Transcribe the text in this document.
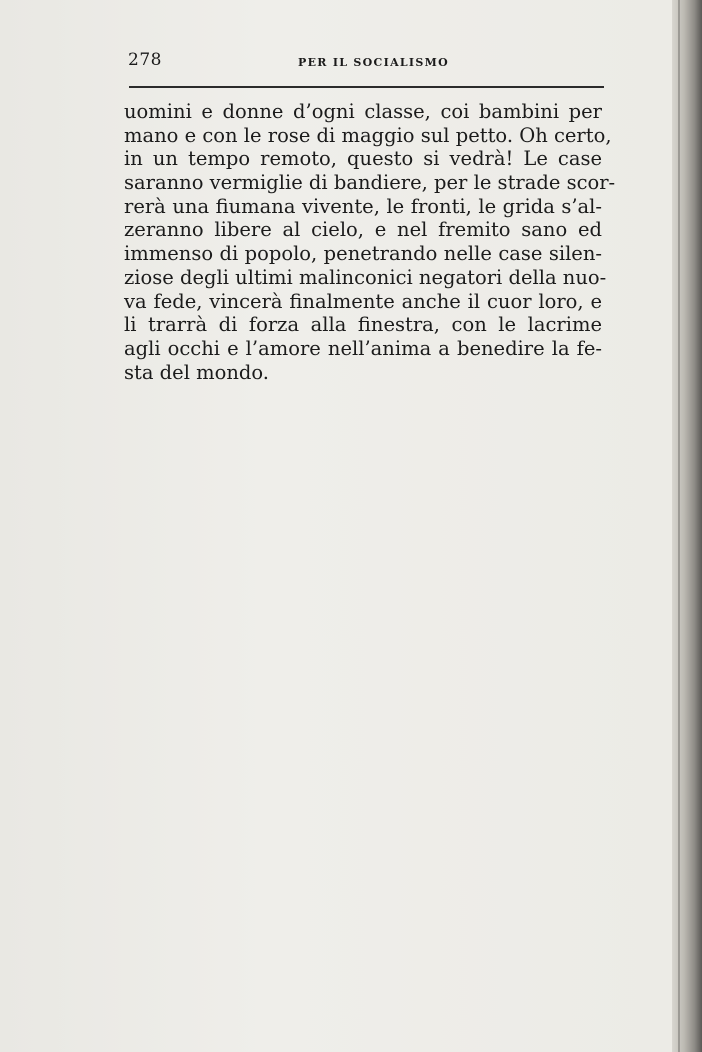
278	PER IL SOCIALISMO
uomini e donne d’ogni classe, coi bambini per
mano e con le rose di maggio sul petto. Oh certo,
in un tempo remoto, questo si vedrà! Le case
saranno vermiglie di bandiere, per le strade scor-
rerà una fiumana vivente, le fronti, le grida s’al-
zeranno libere al cielo, e nel fremito sano ed
immenso di popolo, penetrando nelle case silen-
ziose degli ultimi malinconici negatori della nuo-
va fede, vincerà finalmente anche il cuor loro, e
li trarrà di forza alla finestra, con le lacrime
agli occhi e l’amore nell’anima a benedire la fe-
sta del mondo.
